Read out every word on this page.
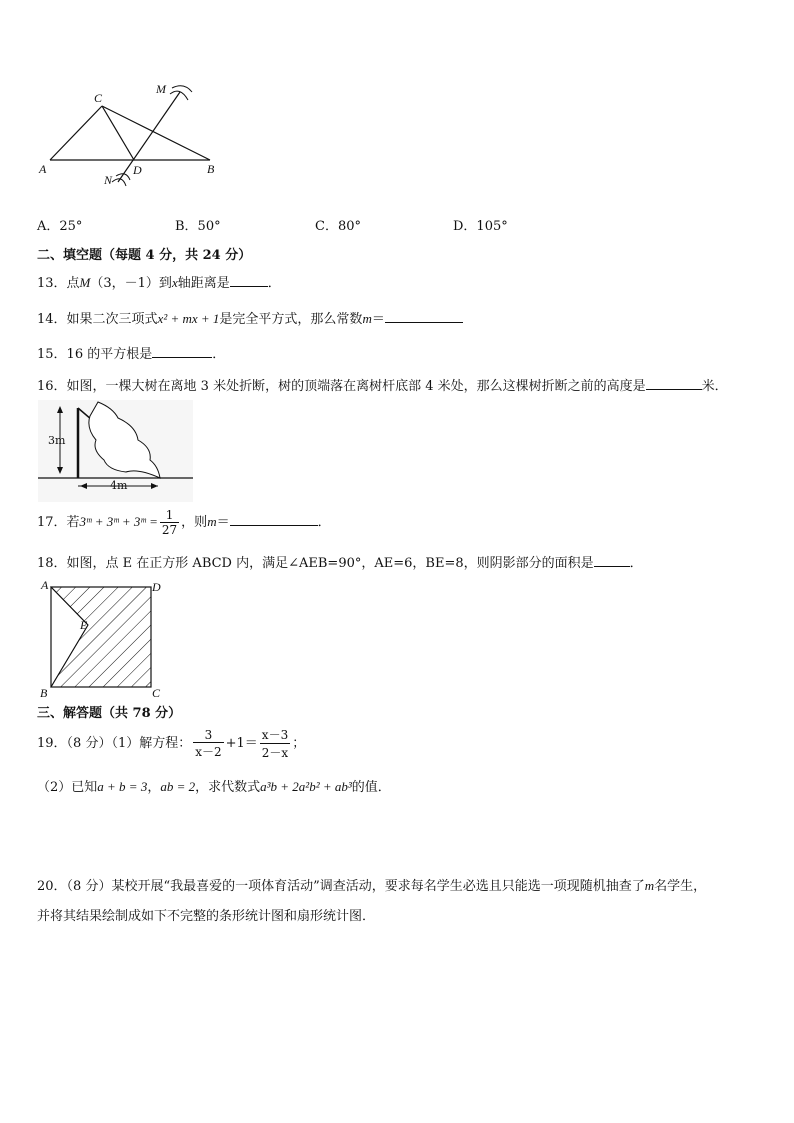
C
M
A	D	B
N
A．25°	B．50°	C．80°	D．105°
二、填空题（每题 4 分，共 24 分）
13．点M（3，－1）到x轴距离是	．
14．如果二次三项式x² + mx + 1是完全平方式，那么常数m＝
15．16 的平方根是	．
16．如图，一棵大树在离地 3 米处折断，树的顶端落在离树杆底部 4 米处，那么这棵树折断之前的高度是	米．
3m
4m
17．若3ᵐ + 3ᵐ + 3ᵐ = $\frac{1}{27}$ ，则m＝	．
18．如图，点 E 在正方形 ABCD 内，满足∠AEB=90°，AE=6，BE=8，则阴影部分的面积是	．
A	D
E
B	C
三、解答题（共 78 分）
19．（8 分）（1）解方程： $\frac{3}{x-2} +1= \frac{x-3}{2-x}$ ；
（2）已知a + b = 3，ab = 2，求代数式a³b + 2a²b² + ab³的值．
20．（8 分）某校开展“我最喜爱的一项体育活动”调查活动，要求每名学生必选且只能选一项现随机抽查了m名学生，
并将其结果绘制成如下不完整的条形统计图和扇形统计图．
